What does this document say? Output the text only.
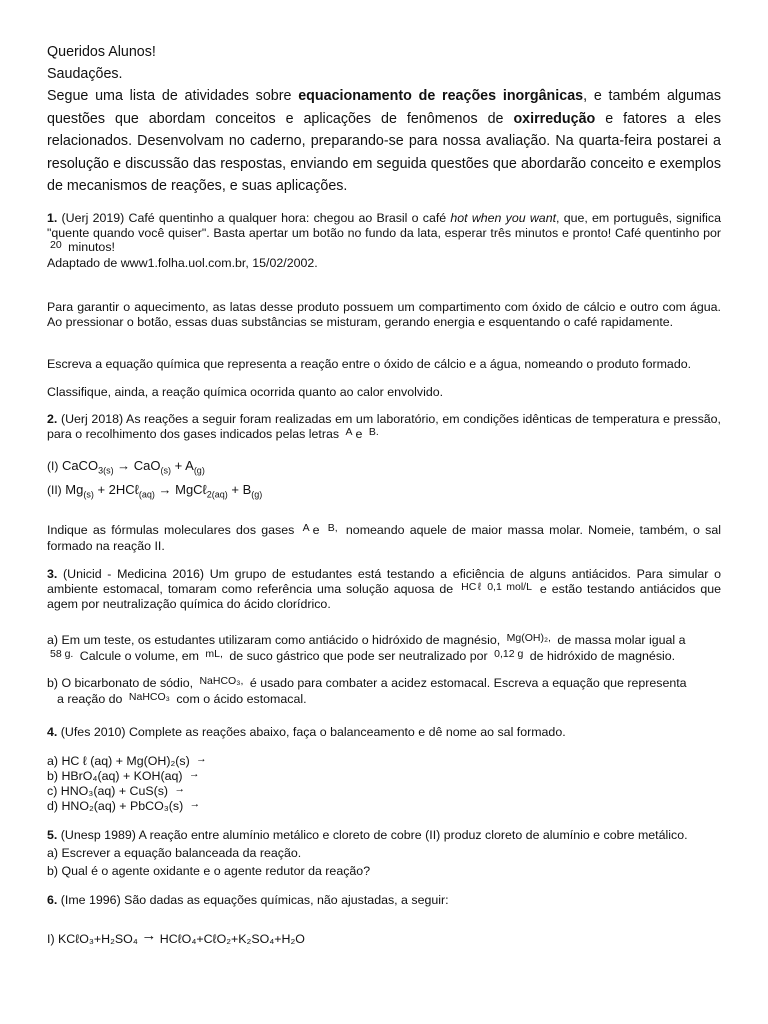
Queridos Alunos!

Saudações.

Segue uma lista de atividades sobre equacionamento de reações inorgânicas, e também algumas questões que abordam conceitos e aplicações de fenômenos de oxirredução e fatores a eles relacionados. Desenvolvam no caderno, preparando-se para nossa avaliação. Na quarta-feira postarei a resolução e discussão das respostas, enviando em seguida questões que abordarão conceito e exemplos de mecanismos de reações, e suas aplicações.

1. (Uerj 2019) Café quentinho a qualquer hora: chegou ao Brasil o café hot when you want, que, em português, significa "quente quando você quiser". Basta apertar um botão no fundo da lata, esperar três minutos e pronto! Café quentinho por $^{20}$ minutos!
Adaptado de www1.folha.uol.com.br, 15/02/2002.

Para garantir o aquecimento, as latas desse produto possuem um compartimento com óxido de cálcio e outro com água. Ao pressionar o botão, essas duas substâncias se misturam, gerando energia e esquentando o café rapidamente.

Escreva a equação química que representa a reação entre o óxido de cálcio e a água, nomeando o produto formado.

Classifique, ainda, a reação química ocorrida quanto ao calor envolvido.

2. (Uerj 2018) As reações a seguir foram realizadas em um laboratório, em condições idênticas de temperatura e pressão, para o recolhimento dos gases indicados pelas letras $^A$ e $^{B.}$

(I) CaCO$_{3(s)}$ → $CaO_{(s)} + A_{(g)}$
(II) $Mg_{(s)}$ + 2HCℓ$_{(aq)}$ → MgCℓ$_{2(aq)}$ + $B_{(g)}$

Indique as fórmulas moleculares dos gases $^A$ e $^{B,}$ nomeando aquele de maior massa molar. Nomeie, também, o sal formado na reação II.

3. (Unicid - Medicina 2016) Um grupo de estudantes está testando a eficiência de alguns antiácidos. Para simular o ambiente estomacal, tomaram como referência uma solução aquosa de $^{HC\ell 0,1 mol/L}$ e estão testando antiácidos que agem por neutralização química do ácido clorídrico.

a) Em um teste, os estudantes utilizaram como antiácido o hidróxido de magnésio, $^{Mg(OH)_2,}$ de massa molar igual a
$^{58 g.}$ Calcule o volume, em $^{mL,}$ de suco gástrico que pode ser neutralizado por $^{0,12 g}$ de hidróxido de magnésio.

b) O bicarbonato de sódio, $^{NaHCO_3,}$ é usado para combater a acidez estomacal. Escreva a equação que representa
a reação do $^{NaHCO_3}$ com o ácido estomacal.

4. (Ufes 2010) Complete as reações abaixo, faça o balanceamento e dê nome ao sal formado.

a) HC ℓ (aq) + Mg(OH)₂(s) →

b) HBrO₄(aq) + KOH(aq) →

c) HNO₃(aq) + CuS(s) →

d) HNO₂(aq) + PbCO₃(s) →

5. (Unesp 1989) A reação entre alumínio metálico e cloreto de cobre (II) produz cloreto de alumínio e cobre metálico.

a) Escrever a equação balanceada da reação.

b) Qual é o agente oxidante e o agente redutor da reação?

6. (Ime 1996) São dadas as equações químicas, não ajustadas, a seguir:

I) KCℓO₃+H₂SO₄ → HCℓO₄+CℓO₂+K₂SO₄+H₂O
